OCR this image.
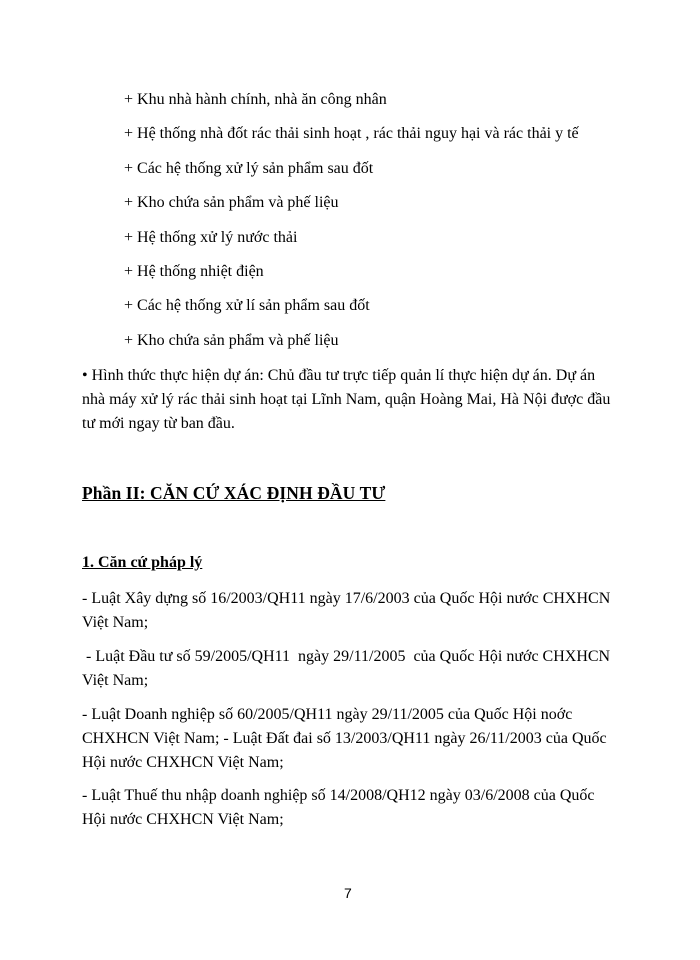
+ Khu nhà hành chính, nhà ăn công nhân
+ Hệ thống nhà đốt rác thải sinh hoạt , rác thải nguy hại và rác thải y tế
+ Các hệ thống xử lý sản phẩm sau đốt
+ Kho chứa sản phẩm và phế liệu
+ Hệ thống xử lý nước thải
+ Hệ thống nhiệt điện
+ Các hệ thống xử lí sản phẩm sau đốt
+ Kho chứa sản phẩm và phế liệu
• Hình thức thực hiện dự án: Chủ đầu tư trực tiếp quản lí thực hiện dự án. Dự án
nhà máy xử lý rác thải sinh hoạt tại Lĩnh Nam, quận Hoàng Mai, Hà Nội được đầu
tư mới ngay từ ban đầu.
Phần II: CĂN CỨ XÁC ĐỊNH ĐẦU TƯ
1. Căn cứ pháp lý
- Luật Xây dựng số 16/2003/QH11 ngày 17/6/2003 của Quốc Hội nước CHXHCN
Việt Nam;
- Luật Đầu tư số 59/2005/QH11  ngày 29/11/2005  của Quốc Hội nước CHXHCN
Việt Nam;
- Luật Doanh nghiệp số 60/2005/QH11 ngày 29/11/2005 của Quốc Hội noớc
CHXHCN Việt Nam; - Luật Đất đai số 13/2003/QH11 ngày 26/11/2003 của Quốc
Hội nước CHXHCN Việt Nam;
- Luật Thuế thu nhập doanh nghiệp số 14/2008/QH12 ngày 03/6/2008 của Quốc
Hội nước CHXHCN Việt Nam;
7
